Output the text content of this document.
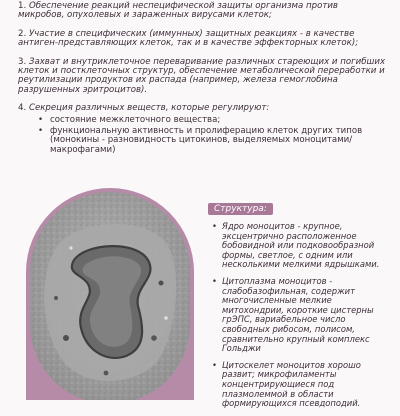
1. Обеспечение реакций неспецифической защиты организма против микробов, опухолевых и зараженных вирусами клеток;
2. Участие в специфических (иммунных) защитных реакциях - в качестве антиген-представляющих клеток, так и в качестве эффекторных клеток);
3. Захват и внутриклеточное переваривание различных стареющих и погибших клеток и постклеточных структур, обеспечение метаболической переработки и реутилизации продуктов их распада (например, железа гемоглобина разрушенных эритроцитов).
4. Секреция различных веществ, которые регулируют:
• состояние межклеточного вещества;
• функциональную активность и пролиферацию клеток других типов (монокины - разновидность цитокинов, выделяемых моноцитами/макрофагами)
Структура:
• Ядро моноцитов - крупное, эксцентрично расположенное бобовидной или подковообразной формы, светлое, с одним или несколькими мелкими ядрышками.
• Цитоплазма моноцитов - слабобазофильная, содержит многочисленные мелкие митохондрии, короткие цистерны грЭПС, вариабельное число свободных рибосом, полисом, сравнительно крупный комплекс Гольджи
• Цитоскелет моноцитов хорошо развит; микрофиламенты концентрирующиеся под плазмолеммой в области формирующихся псевдоподий.
